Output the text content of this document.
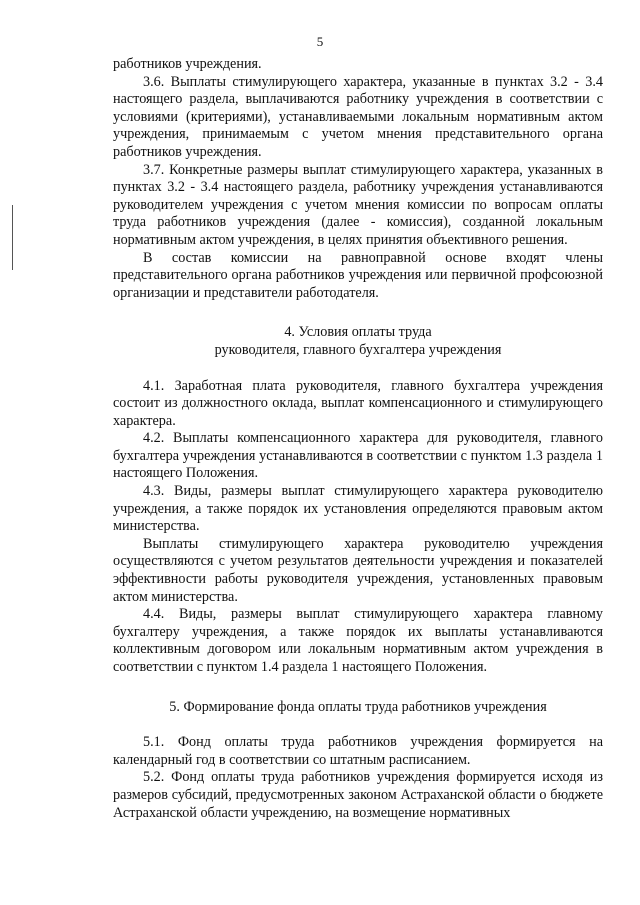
5

работников учреждения.

3.6. Выплаты стимулирующего характера, указанные в пунктах 3.2 - 3.4 настоящего раздела, выплачиваются работнику учреждения в соответствии с условиями (критериями), устанавливаемыми локальным нормативным актом учреждения, принимаемым с учетом мнения представительного органа работников учреждения.

3.7. Конкретные размеры выплат стимулирующего характера, указанных в пунктах 3.2 - 3.4 настоящего раздела, работнику учреждения устанавливаются руководителем учреждения с учетом мнения комиссии по вопросам оплаты труда работников учреждения (далее - комиссия), созданной локальным нормативным актом учреждения, в целях принятия объективного решения.

В состав комиссии на равноправной основе входят члены представительного органа работников учреждения или первичной профсоюзной организации и представители работодателя.

4. Условия оплаты труда

руководителя, главного бухгалтера учреждения

4.1. Заработная плата руководителя, главного бухгалтера учреждения состоит из должностного оклада, выплат компенсационного и стимулирующего характера.

4.2. Выплаты компенсационного характера для руководителя, главного бухгалтера учреждения устанавливаются в соответствии с пунктом 1.3 раздела 1 настоящего Положения.

4.3. Виды, размеры выплат стимулирующего характера руководителю учреждения, а также порядок их установления определяются правовым актом министерства.

Выплаты стимулирующего характера руководителю учреждения осуществляются с учетом результатов деятельности учреждения и показателей эффективности работы руководителя учреждения, установленных правовым актом министерства.

4.4. Виды, размеры выплат стимулирующего характера главному бухгалтеру учреждения, а также порядок их выплаты устанавливаются коллективным договором или локальным нормативным актом учреждения в соответствии с пунктом 1.4 раздела 1 настоящего Положения.

5. Формирование фонда оплаты труда работников учреждения

5.1. Фонд оплаты труда работников учреждения формируется на календарный год в соответствии со штатным расписанием.

5.2. Фонд оплаты труда работников учреждения формируется исходя из размеров субсидий, предусмотренных законом Астраханской области о бюджете Астраханской области учреждению, на возмещение нормативных
